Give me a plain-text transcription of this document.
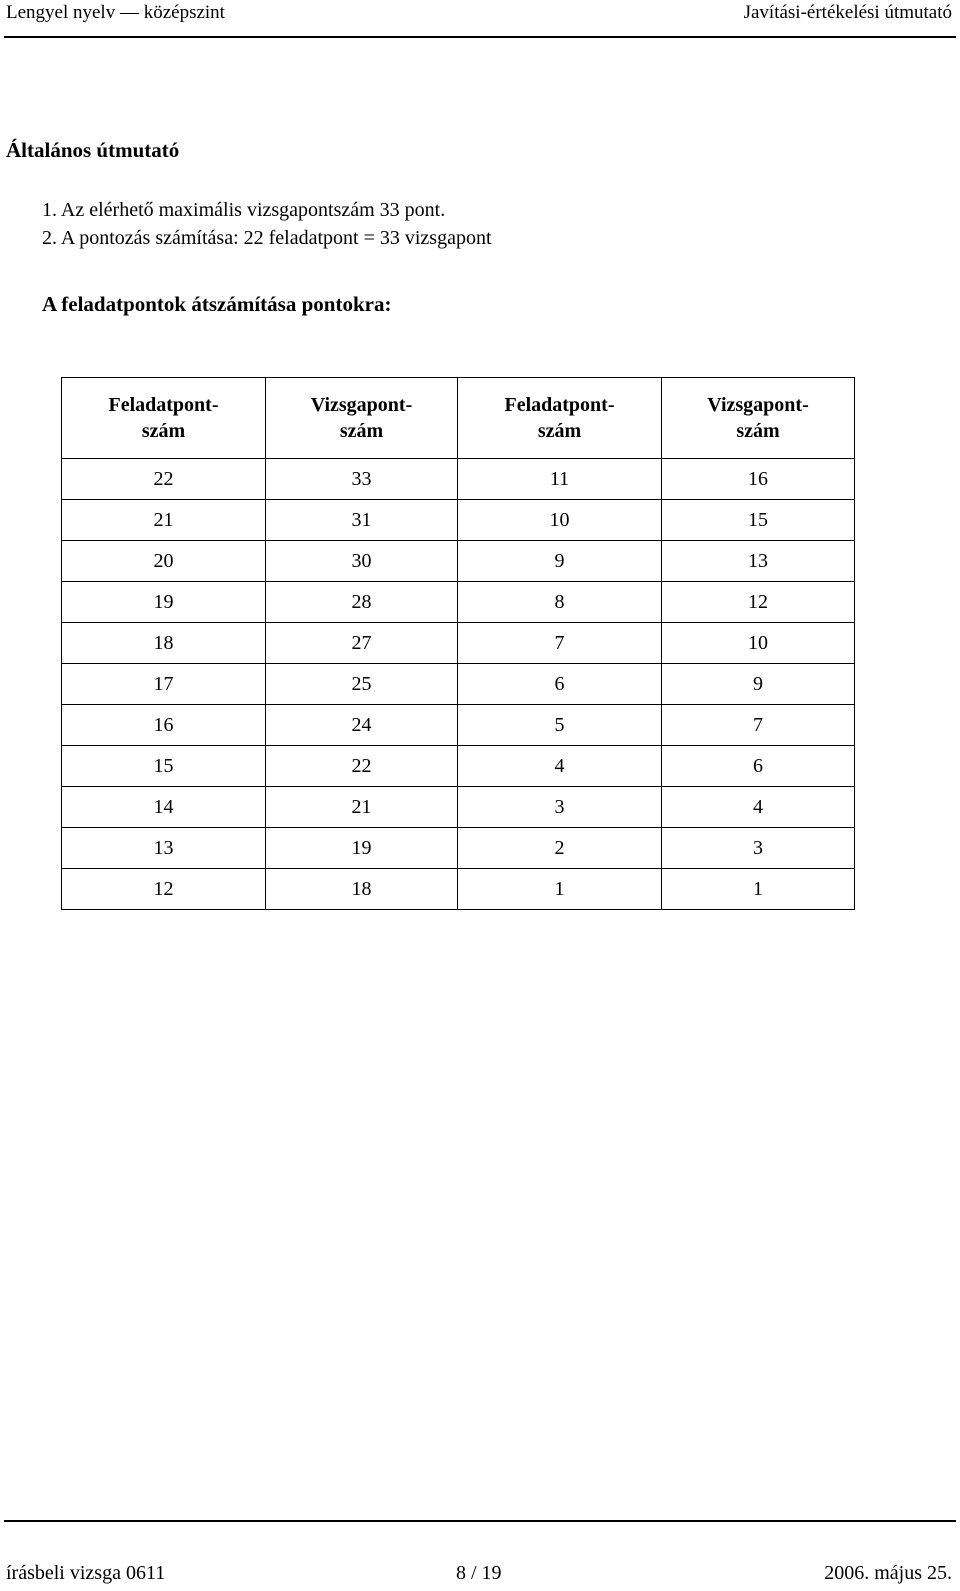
Lengyel nyelv — középszint	Javítási-értékelési útmutató
Általános útmutató
1. Az elérhető maximális vizsgapontszám 33 pont.
2. A pontozás számítása: 22 feladatpont = 33 vizsgapont
A feladatpontok átszámítása pontokra:
Feladatpont-
szám	Vizsgapont-
szám	Feladatpont-
szám	Vizsgapont-
szám
22	33	11	16
21	31	10	15
20	30	9	13
19	28	8	12
18	27	7	10
17	25	6	9
16	24	5	7
15	22	4	6
14	21	3	4
13	19	2	3
12	18	1	1
írásbeli vizsga 0611	8 / 19	2006. május 25.
